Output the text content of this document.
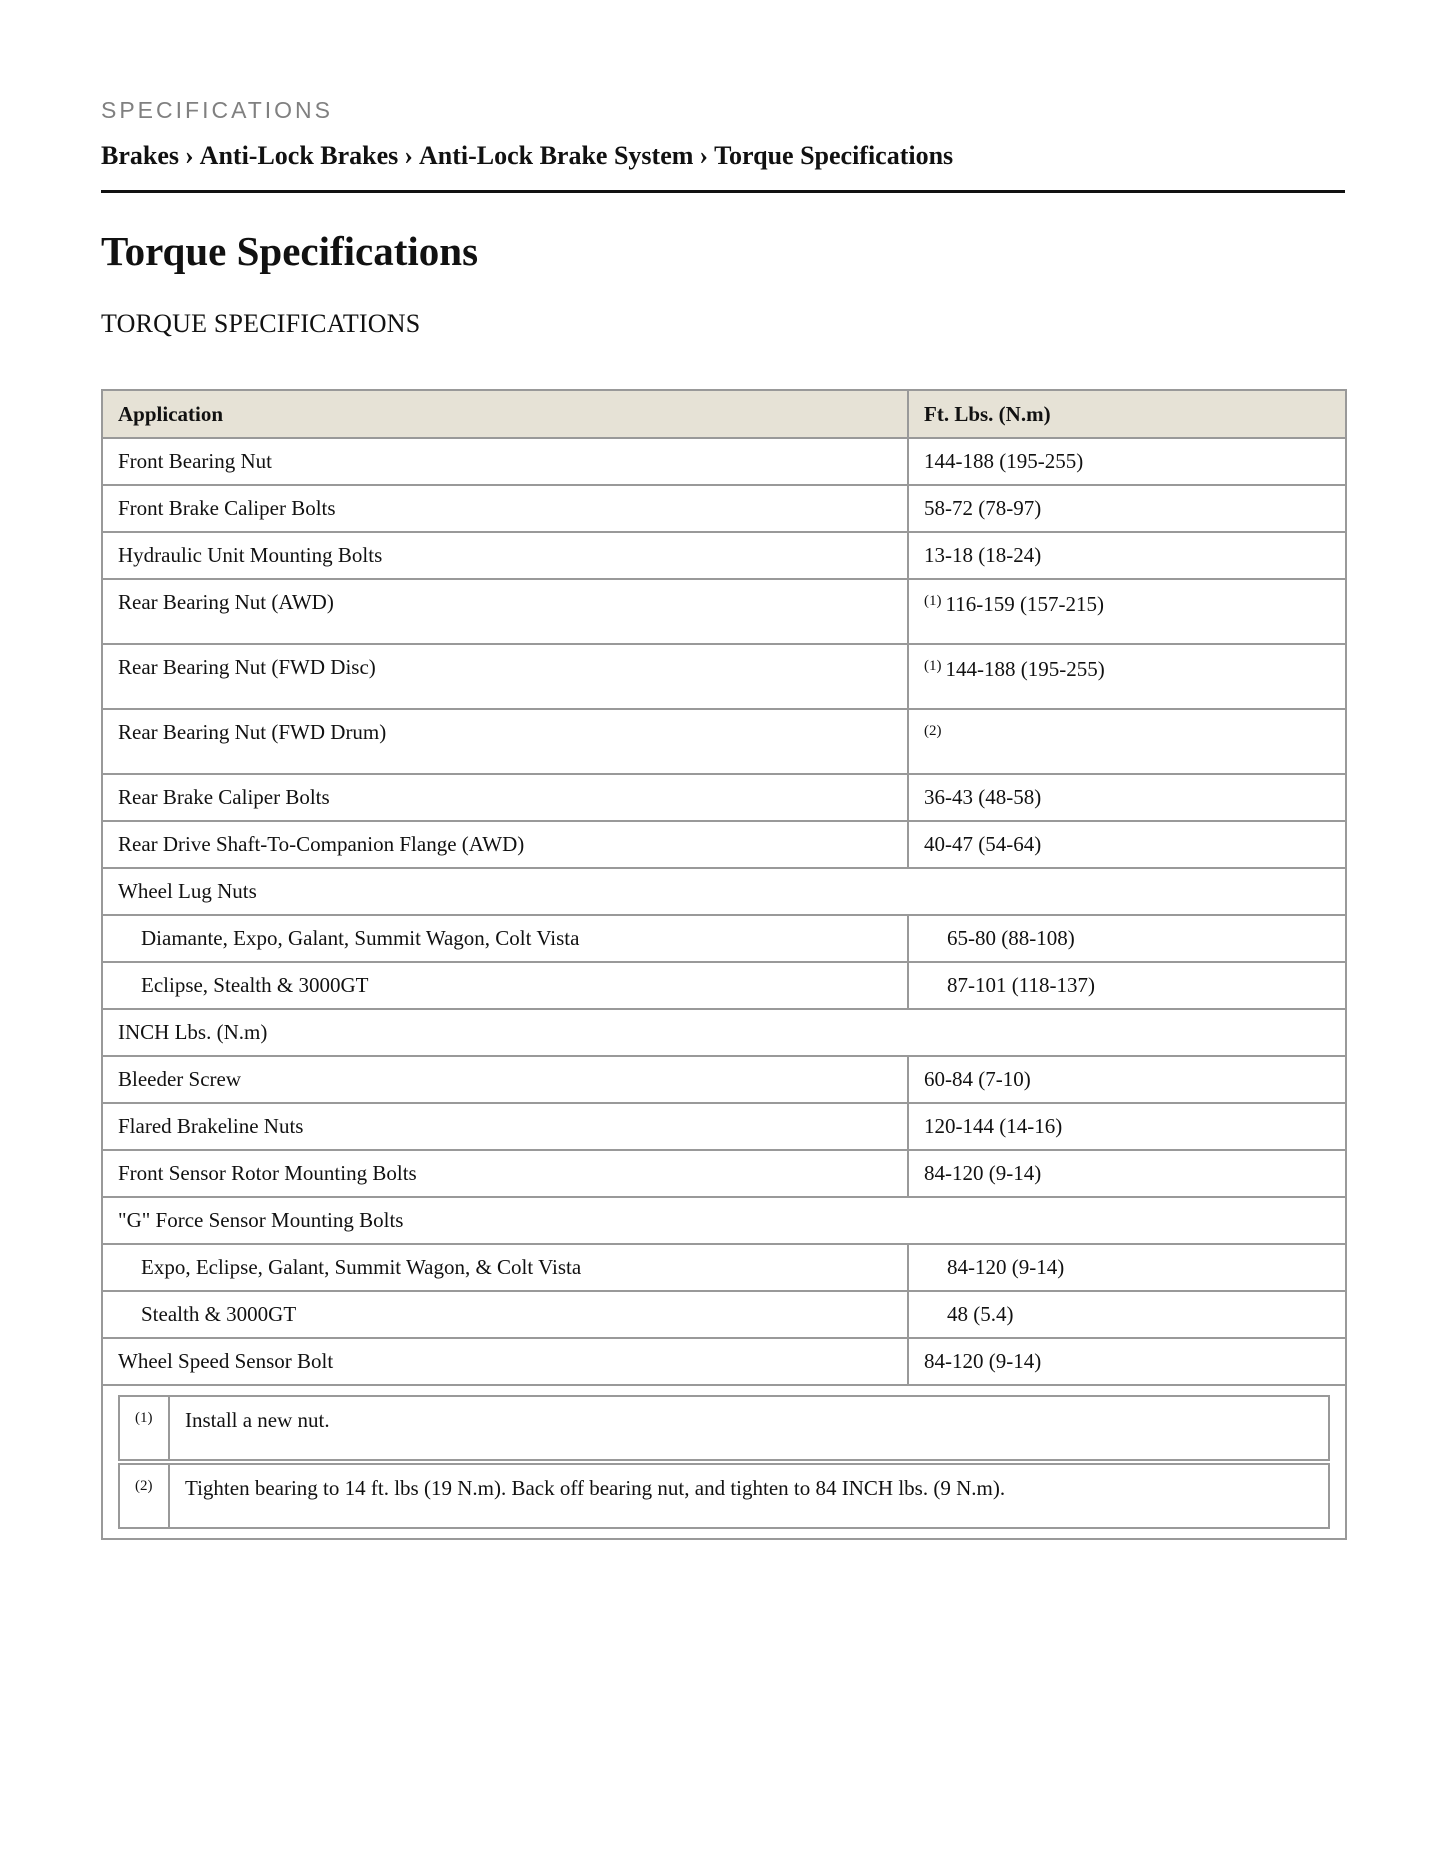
SPECIFICATIONS
Brakes › Anti-Lock Brakes › Anti-Lock Brake System › Torque Specifications
Torque Specifications
TORQUE SPECIFICATIONS
Application	Ft. Lbs. (N.m)
Front Bearing Nut	144-188 (195-255)
Front Brake Caliper Bolts	58-72 (78-97)
Hydraulic Unit Mounting Bolts	13-18 (18-24)
Rear Bearing Nut (AWD)	$^{(1)}$ 116-159 (157-215)
Rear Bearing Nut (FWD Disc)	$^{(1)}$ 144-188 (195-255)
Rear Bearing Nut (FWD Drum)	$^{(2)}$
Rear Brake Caliper Bolts	36-43 (48-58)
Rear Drive Shaft-To-Companion Flange (AWD)	40-47 (54-64)
Wheel Lug Nuts
Diamante, Expo, Galant, Summit Wagon, Colt Vista	65-80 (88-108)
Eclipse, Stealth & 3000GT	87-101 (118-137)
INCH Lbs. (N.m)
Bleeder Screw	60-84 (7-10)
Flared Brakeline Nuts	120-144 (14-16)
Front Sensor Rotor Mounting Bolts	84-120 (9-14)
"G" Force Sensor Mounting Bolts
Expo, Eclipse, Galant, Summit Wagon, & Colt Vista	84-120 (9-14)
Stealth & 3000GT	48 (5.4)
Wheel Speed Sensor Bolt	84-120 (9-14)

(1)	Install a new nut.
(2)	Tighten bearing to 14 ft. lbs (19 N.m). Back off bearing nut, and tighten to 84 INCH lbs. (9 N.m).
